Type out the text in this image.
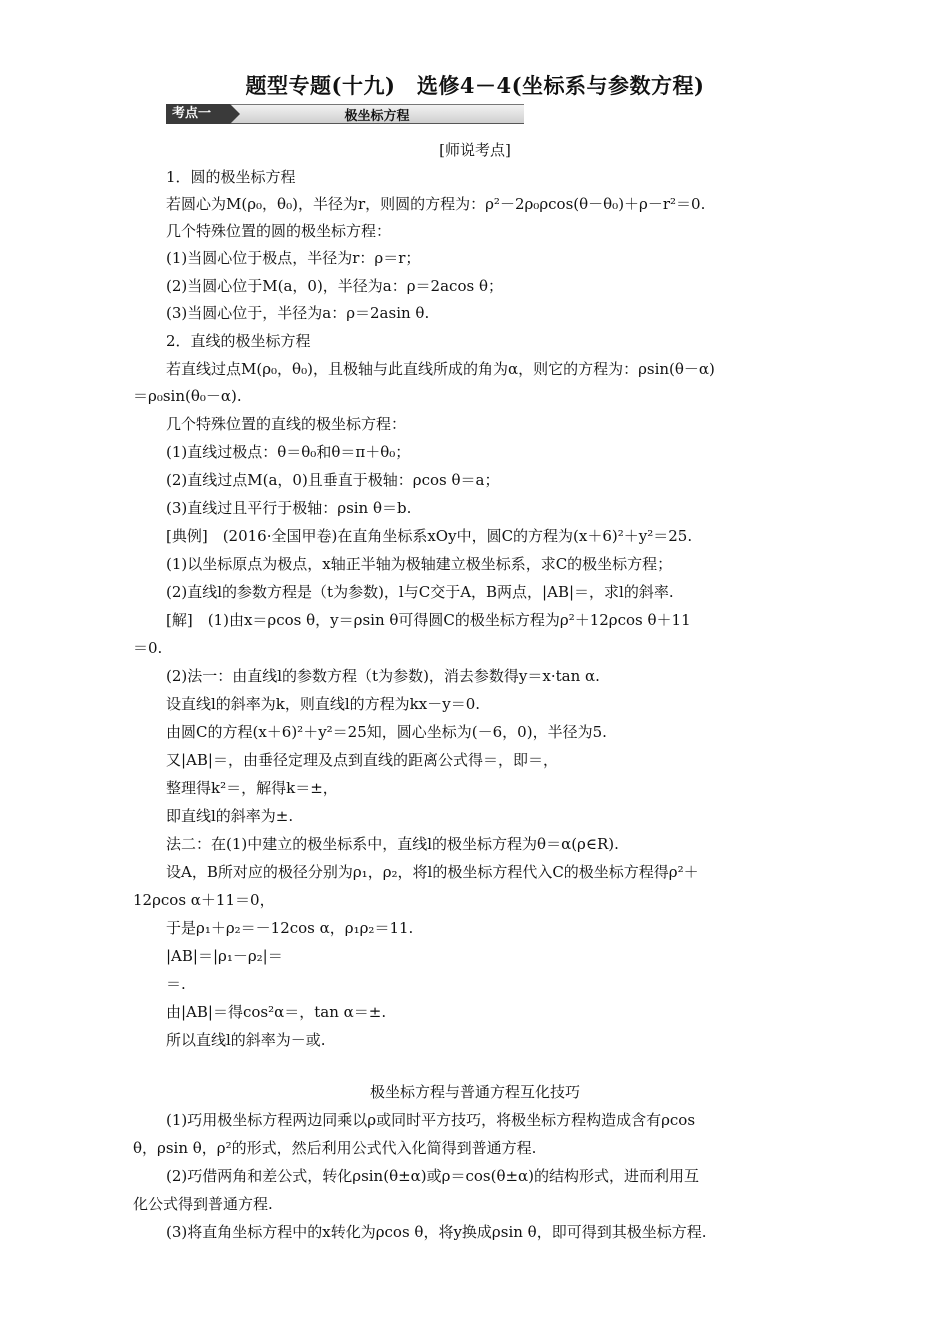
题型专题(十九)　选修4－4(坐标系与参数方程)
考点一	极坐标方程
[师说考点]
1．圆的极坐标方程
若圆心为M(ρ₀，θ₀)，半径为r，则圆的方程为：ρ²－2ρ₀ρcos(θ－θ₀)＋ρ－r²＝0.
几个特殊位置的圆的极坐标方程：
(1)当圆心位于极点，半径为r：ρ＝r；
(2)当圆心位于M(a，0)，半径为a：ρ＝2acos θ；
(3)当圆心位于，半径为a：ρ＝2asin θ.
2．直线的极坐标方程
若直线过点M(ρ₀，θ₀)，且极轴与此直线所成的角为α，则它的方程为：ρsin(θ－α)
＝ρ₀sin(θ₀－α).
几个特殊位置的直线的极坐标方程：
(1)直线过极点：θ＝θ₀和θ＝π＋θ₀；
(2)直线过点M(a，0)且垂直于极轴：ρcos θ＝a；
(3)直线过且平行于极轴：ρsin θ＝b.
[典例]　(2016·全国甲卷)在直角坐标系xOy中，圆C的方程为(x＋6)²＋y²＝25.
(1)以坐标原点为极点，x轴正半轴为极轴建立极坐标系，求C的极坐标方程；
(2)直线l的参数方程是（t为参数)，l与C交于A，B两点，|AB|＝，求l的斜率.
[解]　(1)由x＝ρcos θ，y＝ρsin θ可得圆C的极坐标方程为ρ²＋12ρcos θ＋11
＝0.
(2)法一：由直线l的参数方程（t为参数)，消去参数得y＝x·tan α.
设直线l的斜率为k，则直线l的方程为kx－y＝0.
由圆C的方程(x＋6)²＋y²＝25知，圆心坐标为(－6，0)，半径为5.
又|AB|＝，由垂径定理及点到直线的距离公式得＝，即＝，
整理得k²＝，解得k＝±，
即直线l的斜率为±.
法二：在(1)中建立的极坐标系中，直线l的极坐标方程为θ＝α(ρ∈R).
设A，B所对应的极径分别为ρ₁，ρ₂，将l的极坐标方程代入C的极坐标方程得ρ²＋
12ρcos α＋11＝0，
于是ρ₁＋ρ₂＝－12cos α，ρ₁ρ₂＝11.
|AB|＝|ρ₁－ρ₂|＝
＝.
由|AB|＝得cos²α＝，tan α＝±.
所以直线l的斜率为－或.
极坐标方程与普通方程互化技巧
(1)巧用极坐标方程两边同乘以ρ或同时平方技巧，将极坐标方程构造成含有ρcos
θ，ρsin θ，ρ²的形式，然后利用公式代入化简得到普通方程.
(2)巧借两角和差公式，转化ρsin(θ±α)或ρ＝cos(θ±α)的结构形式，进而利用互
化公式得到普通方程.
(3)将直角坐标方程中的x转化为ρcos θ，将y换成ρsin θ，即可得到其极坐标方程.
